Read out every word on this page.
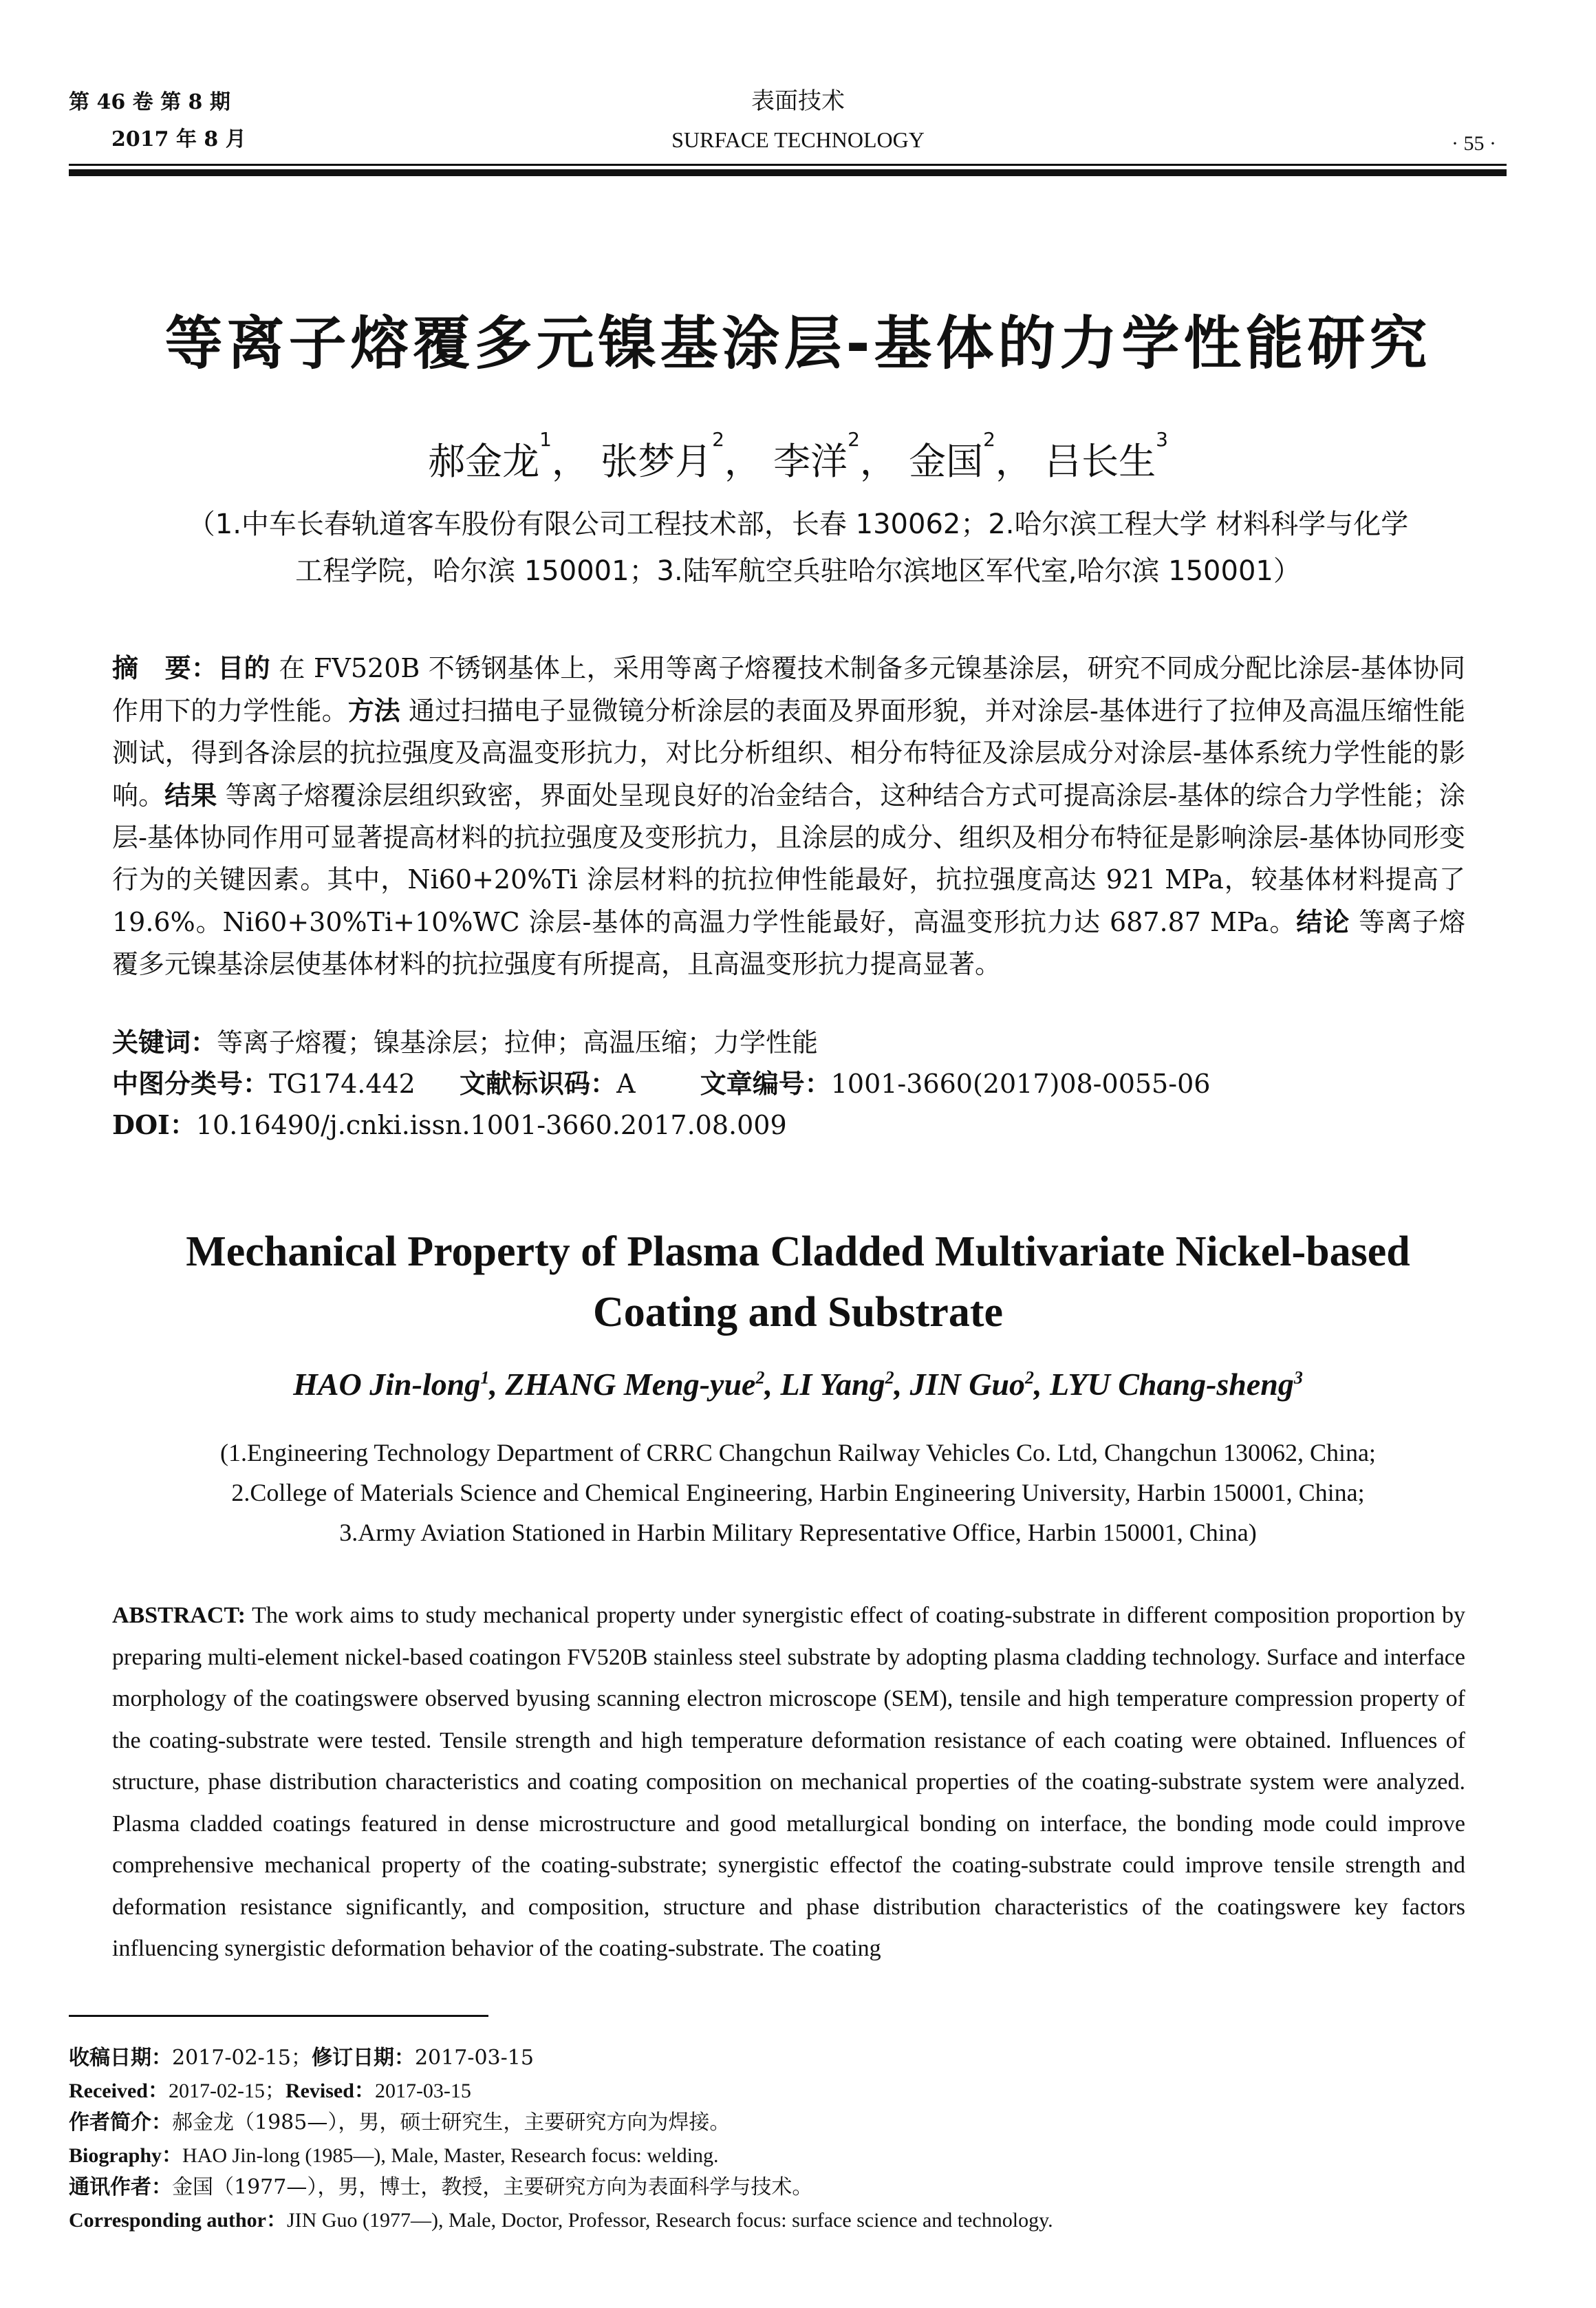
第 46 卷 第 8 期
2017 年 8 月
表面技术
SURFACE TECHNOLOGY	· 55 ·
等离子熔覆多元镍基涂层-基体的力学性能研究
郝金龙$^1$， 张梦月$^2$， 李洋$^2$， 金国$^2$， 吕长生$^3$
（1.中车长春轨道客车股份有限公司工程技术部，长春 130062；2.哈尔滨工程大学 材料科学与化学
工程学院，哈尔滨 150001；3.陆军航空兵驻哈尔滨地区军代室,哈尔滨 150001）
摘　要：目的 在 FV520B 不锈钢基体上，采用等离子熔覆技术制备多元镍基涂层，研究不同成分配比涂层-基体协同作用下的力学性能。方法 通过扫描电子显微镜分析涂层的表面及界面形貌，并对涂层-基体进行了拉伸及高温压缩性能测试，得到各涂层的抗拉强度及高温变形抗力，对比分析组织、相分布特征及涂层成分对涂层-基体系统力学性能的影响。结果 等离子熔覆涂层组织致密，界面处呈现良好的冶金结合，这种结合方式可提高涂层-基体的综合力学性能；涂层-基体协同作用可显著提高材料的抗拉强度及变形抗力，且涂层的成分、组织及相分布特征是影响涂层-基体协同形变行为的关键因素。其中，Ni60+20%Ti 涂层材料的抗拉伸性能最好，抗拉强度高达 921 MPa，较基体材料提高了 19.6%。Ni60+30%Ti+10%WC 涂层-基体的高温力学性能最好，高温变形抗力达 687.87 MPa。结论 等离子熔覆多元镍基涂层使基体材料的抗拉强度有所提高，且高温变形抗力提高显著。
关键词：等离子熔覆；镍基涂层；拉伸；高温压缩；力学性能
中图分类号：TG174.442 文献标识码：A 文章编号：1001-3660(2017)08-0055-06
DOI：10.16490/j.cnki.issn.1001-3660.2017.08.009
Mechanical Property of Plasma Cladded Multivariate Nickel-based
Coating and Substrate
HAO Jin-long$^1$, ZHANG Meng-yue$^2$, LI Yang$^2$, JIN Guo$^2$, LYU Chang-sheng$^3$
(1.Engineering Technology Department of CRRC Changchun Railway Vehicles Co. Ltd, Changchun 130062, China;
2.College of Materials Science and Chemical Engineering, Harbin Engineering University, Harbin 150001, China;
3.Army Aviation Stationed in Harbin Military Representative Office, Harbin 150001, China)
ABSTRACT: The work aims to study mechanical property under synergistic effect of coating-substrate in different composition proportion by preparing multi-element nickel-based coatingon FV520B stainless steel substrate by adopting plasma cladding technology. Surface and interface morphology of the coatingswere observed byusing scanning electron microscope (SEM), tensile and high temperature compression property of the coating-substrate were tested. Tensile strength and high temperature deformation resistance of each coating were obtained. Influences of structure, phase distribution characteristics and coating composition on mechanical properties of the coating-substrate system were analyzed. Plasma cladded coatings featured in dense microstructure and good metallurgical bonding on interface, the bonding mode could improve comprehensive mechanical property of the coating-substrate; synergistic effectof the coating-substrate could improve tensile strength and deformation resistance significantly, and composition, structure and phase distribution characteristics of the coatingswere key factors influencing synergistic deformation behavior of the coating-substrate. The coating
收稿日期：2017-02-15；修订日期：2017-03-15
Received：2017-02-15；Revised：2017-03-15
作者简介：郝金龙（1985—），男，硕士研究生，主要研究方向为焊接。
Biography：HAO Jin-long (1985—), Male, Master, Research focus: welding.
通讯作者：金国（1977—），男，博士，教授，主要研究方向为表面科学与技术。
Corresponding author：JIN Guo (1977—), Male, Doctor, Professor, Research focus: surface science and technology.
